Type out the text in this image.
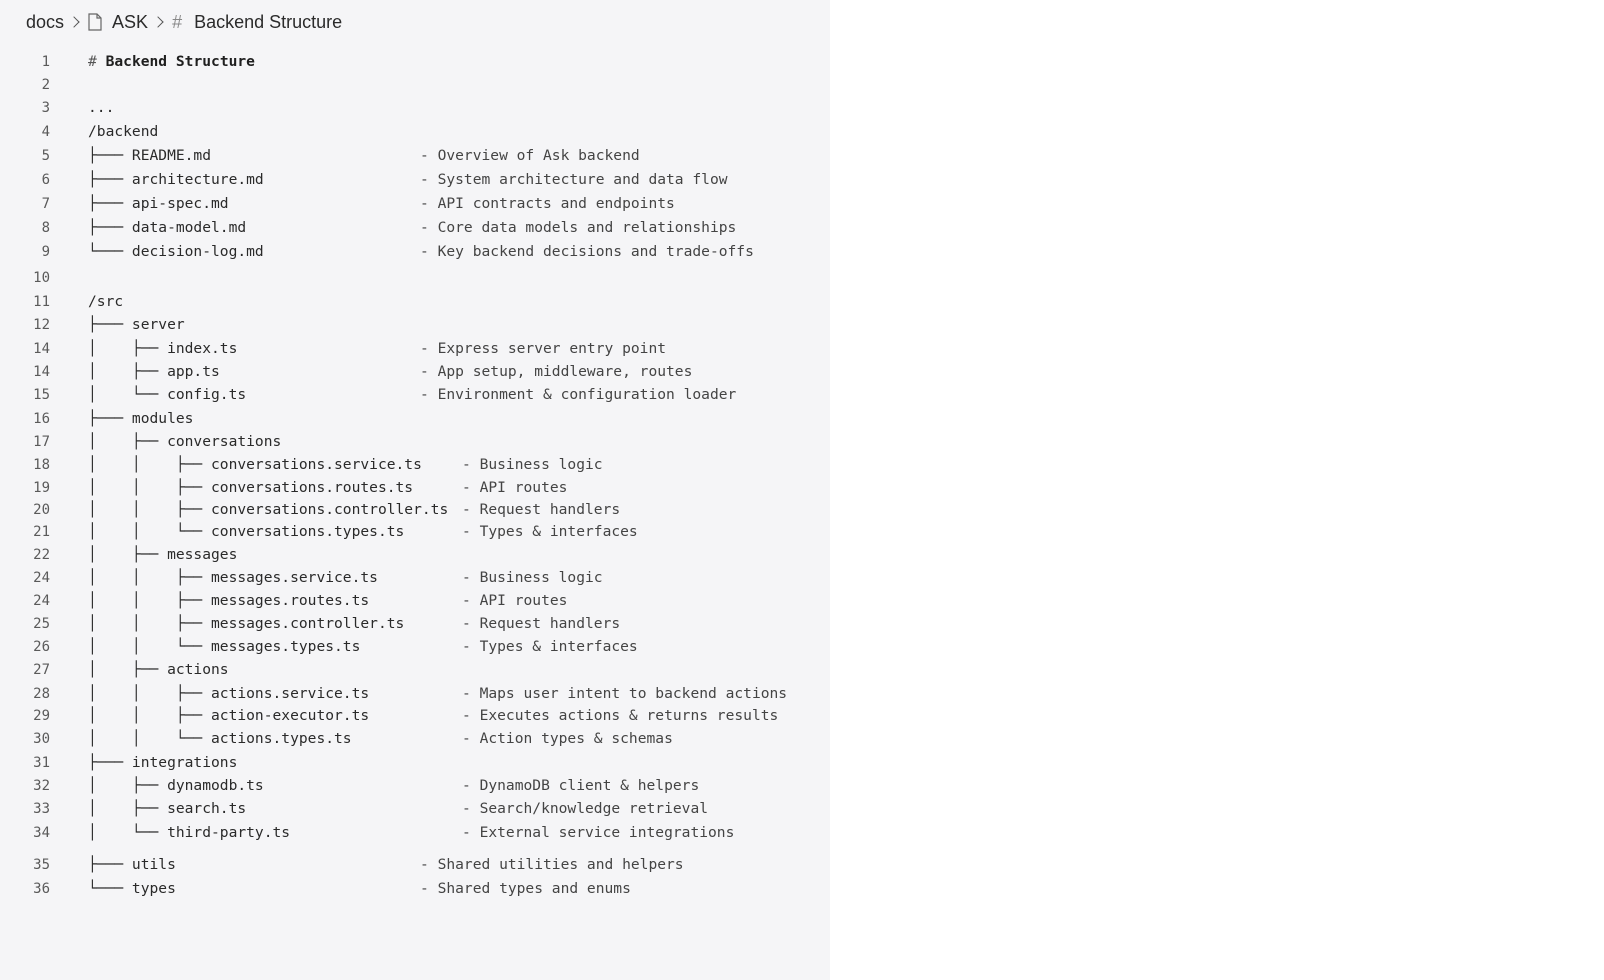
docs	ASK # Backend Structure
1	# Backend Structure
2
3	...
4	/backend
5	├─── README.md	- Overview of Ask backend
6	├─── architecture.md	- System architecture and data flow
7	├─── api-spec.md	- API contracts and endpoints
8	├─── data-model.md	- Core data models and relationships
9	└─── decision-log.md	- Key backend decisions and trade-offs
10
11	/src
12	├─── server
14	│    ├── index.ts	- Express server entry point
14	│    ├── app.ts	- App setup, middleware, routes
15	│    └── config.ts	- Environment & configuration loader
16	├─── modules
17	│    ├── conversations
18	│    │    ├── conversations.service.ts	- Business logic
19	│    │    ├── conversations.routes.ts	- API routes
20	│    │    ├── conversations.controller.ts - Request handlers
21	│    │    └── conversations.types.ts	- Types & interfaces
22	│    ├── messages
24	│    │    ├── messages.service.ts	- Business logic
24	│    │    ├── messages.routes.ts	- API routes
25	│    │    ├── messages.controller.ts	- Request handlers
26	│    │    └── messages.types.ts	- Types & interfaces
27	│    ├── actions
28	│    │    ├── actions.service.ts	- Maps user intent to backend actions
29	│    │    ├── action-executor.ts	- Executes actions & returns results
30	│    │    └── actions.types.ts	- Action types & schemas
31	├─── integrations
32	│    ├── dynamodb.ts	- DynamoDB client & helpers
33	│    ├── search.ts	- Search/knowledge retrieval
34	│    └── third-party.ts	- External service integrations
35	├─── utils	- Shared utilities and helpers
36	└─── types	- Shared types and enums
